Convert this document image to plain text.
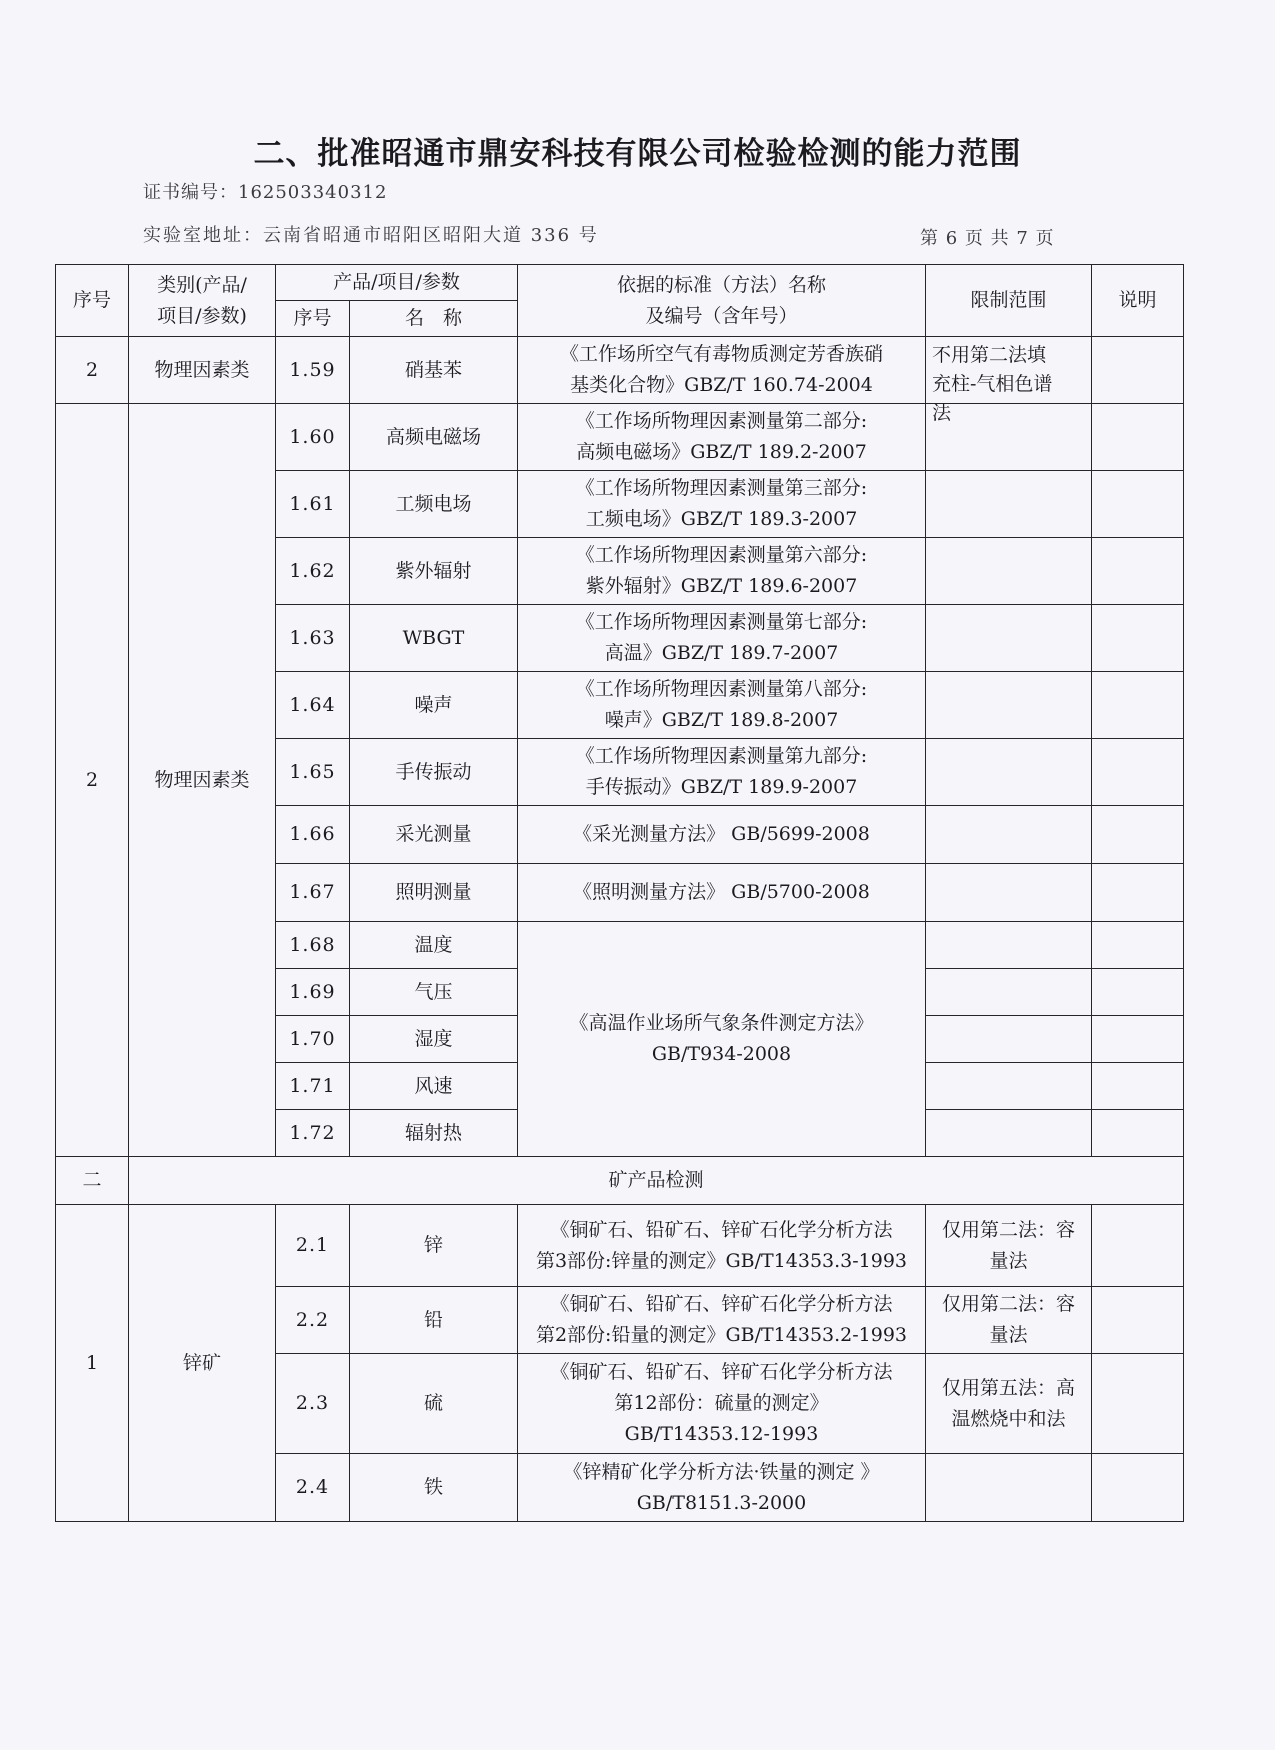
二、批准昭通市鼎安科技有限公司检验检测的能力范围
证书编号：162503340312
实验室地址：云南省昭通市昭阳区昭阳大道 336 号	第 6 页 共 7 页
序号	类别(产品/
项目/参数)	产品/项目/参数		依据的标准（方法）名称
及编号（含年号）	限制范围	说明
		序号	名　称			
2	物理因素类	1.59	硝基苯	《工作场所空气有毒物质测定芳香族硝
基类化合物》GBZ/T 160.74-2004	不用第二法填
充柱-气相色谱
法	

2	物理因素类	1.60	高频电磁场	《工作场所物理因素测量第二部分:
高频电磁场》GBZ/T 189.2-2007		
		1.61	工频电场	《工作场所物理因素测量第三部分:
工频电场》GBZ/T 189.3-2007		
		1.62	紫外辐射	《工作场所物理因素测量第六部分:
紫外辐射》GBZ/T 189.6-2007		
		1.63	WBGT	《工作场所物理因素测量第七部分:
高温》GBZ/T 189.7-2007		
		1.64	噪声	《工作场所物理因素测量第八部分:
噪声》GBZ/T 189.8-2007		
		1.65	手传振动	《工作场所物理因素测量第九部分:
手传振动》GBZ/T 189.9-2007		
		1.66	采光测量	《采光测量方法》 GB/5699-2008		
		1.67	照明测量	《照明测量方法》 GB/5700-2008		
		1.68	温度	《高温作业场所气象条件测定方法》
GB/T934-2008		
		1.69	气压			
		1.70	湿度			
		1.71	风速			
		1.72	辐射热			
二	矿产品检测					
1	锌矿	2.1	锌	《铜矿石、铅矿石、锌矿石化学分析方法
第3部份:锌量的测定》GB/T14353.3-1993	仅用第二法：容
量法	
		2.2	铅	《铜矿石、铅矿石、锌矿石化学分析方法
第2部份:铅量的测定》GB/T14353.2-1993	仅用第二法：容
量法	
		2.3	硫	《铜矿石、铅矿石、锌矿石化学分析方法
第12部份：硫量的测定》
GB/T14353.12-1993	仅用第五法：高
温燃烧中和法	
		2.4	铁	《锌精矿化学分析方法·铁量的测定 》
GB/T8151.3-2000		
